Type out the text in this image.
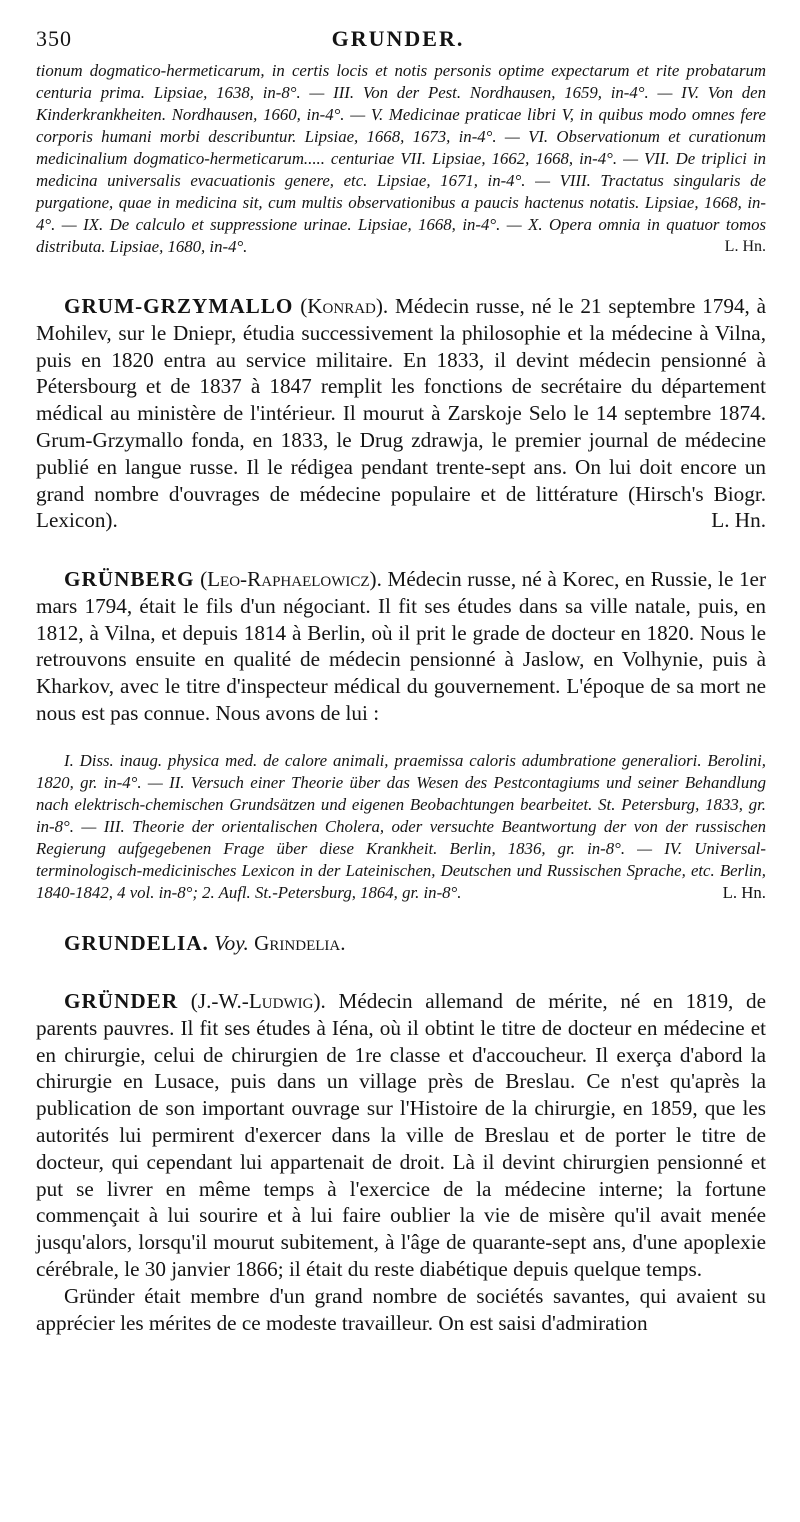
350	GRUNDER.
tionum dogmatico-hermeticarum, in certis locis et notis personis optime expectarum et rite probatarum centuria prima. Lipsiae, 1638, in-8°. — III. Von der Pest. Nordhausen, 1659, in-4°. — IV. Von den Kinderkrankheiten. Nordhausen, 1660, in-4°. — V. Medicinae praticae libri V, in quibus modo omnes fere corporis humani morbi describuntur. Lipsiae, 1668, 1673, in-4°. — VI. Observationum et curationum medicinalium dogmatico-hermeticarum..... centuriae VII. Lipsiae, 1662, 1668, in-4°. — VII. De triplici in medicina universalis evacuationis genere, etc. Lipsiae, 1671, in-4°. — VIII. Tractatus singularis de purgatione, quae in medicina sit, cum multis observationibus a paucis hactenus notatis. Lipsiae, 1668, in-4°. — IX. De calculo et suppressione urinae. Lipsiae, 1668, in-4°. — X. Opera omnia in quatuor tomos distributa. Lipsiae, 1680, in-4°.	L. Hn.
GRUM-GRZYMALLO (Konrad). Médecin russe, né le 21 septembre 1794, à Mohilev, sur le Dniepr, étudia successivement la philosophie et la médecine à Vilna, puis en 1820 entra au service militaire. En 1833, il devint médecin pensionné à Pétersbourg et de 1837 à 1847 remplit les fonctions de secrétaire du département médical au ministère de l'intérieur. Il mourut à Zarskoje Selo le 14 septembre 1874. Grum-Grzymallo fonda, en 1833, le Drug zdrawja, le premier journal de médecine publié en langue russe. Il le rédigea pendant trente-sept ans. On lui doit encore un grand nombre d'ouvrages de médecine populaire et de littérature (Hirsch's Biogr. Lexicon).	L. Hn.
GRÜNBERG (Leo-Raphaelowicz). Médecin russe, né à Korec, en Russie, le 1er mars 1794, était le fils d'un négociant. Il fit ses études dans sa ville natale, puis, en 1812, à Vilna, et depuis 1814 à Berlin, où il prit le grade de docteur en 1820. Nous le retrouvons ensuite en qualité de médecin pensionné à Jaslow, en Volhynie, puis à Kharkov, avec le titre d'inspecteur médical du gouvernement. L'époque de sa mort ne nous est pas connue. Nous avons de lui :
I. Diss. inaug. physica med. de calore animali, praemissa caloris adumbratione generaliori. Berolini, 1820, gr. in-4°. — II. Versuch einer Theorie über das Wesen des Pestcontagiums und seiner Behandlung nach elektrisch-chemischen Grundsätzen und eigenen Beobachtungen bearbeitet. St. Petersburg, 1833, gr. in-8°. — III. Theorie der orientalischen Cholera, oder versuchte Beantwortung der von der russischen Regierung aufgegebenen Frage über diese Krankheit. Berlin, 1836, gr. in-8°. — IV. Universal-terminologisch-medicinisches Lexicon in der Lateinischen, Deutschen und Russischen Sprache, etc. Berlin, 1840-1842, 4 vol. in-8°; 2. Aufl. St.-Petersburg, 1864, gr. in-8°.	L. Hn.
GRUNDELIA. Voy. Grindelia.
GRÜNDER (J.-W.-Ludwig). Médecin allemand de mérite, né en 1819, de parents pauvres. Il fit ses études à Iéna, où il obtint le titre de docteur en médecine et en chirurgie, celui de chirurgien de 1re classe et d'accoucheur. Il exerça d'abord la chirurgie en Lusace, puis dans un village près de Breslau. Ce n'est qu'après la publication de son important ouvrage sur l'Histoire de la chirurgie, en 1859, que les autorités lui permirent d'exercer dans la ville de Breslau et de porter le titre de docteur, qui cependant lui appartenait de droit. Là il devint chirurgien pensionné et put se livrer en même temps à l'exercice de la médecine interne; la fortune commençait à lui sourire et à lui faire oublier la vie de misère qu'il avait menée jusqu'alors, lorsqu'il mourut subitement, à l'âge de quarante-sept ans, d'une apoplexie cérébrale, le 30 janvier 1866; il était du reste diabétique depuis quelque temps.
Gründer était membre d'un grand nombre de sociétés savantes, qui avaient su apprécier les mérites de ce modeste travailleur. On est saisi d'admiration
